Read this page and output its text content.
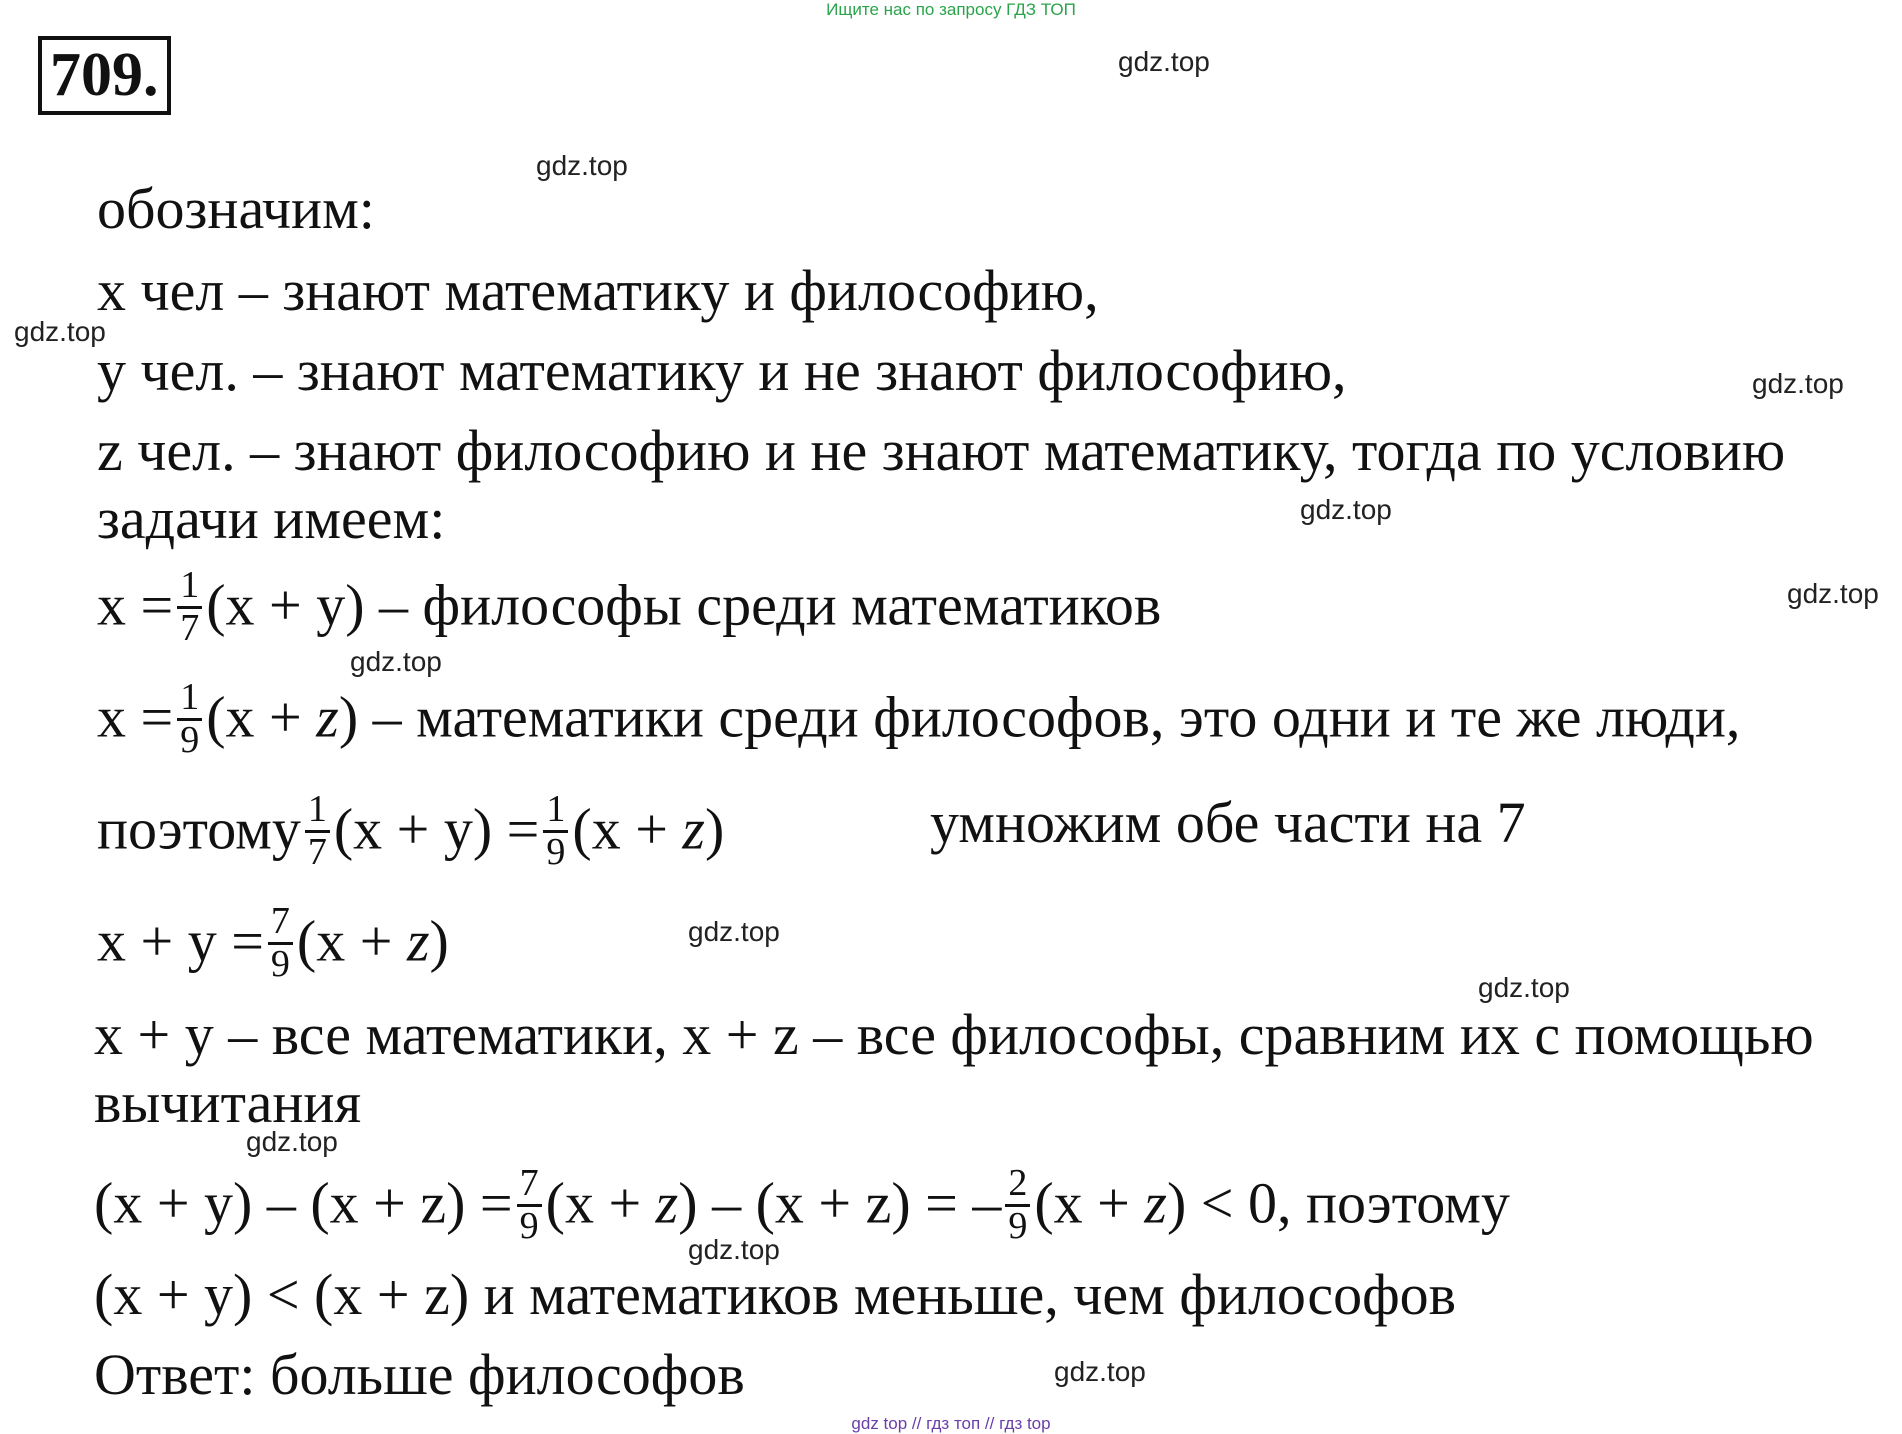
Ищите нас по запросу ГДЗ ТОП
709.	gdz.top
gdz.top
gdz.top
gdz.top
gdz.top
gdz.top
gdz.top
gdz.top
gdz.top
gdz.top
gdz.top
gdz.top
обозначим:
x чел – знают математику и философию,
y чел. – знают математику и не знают философию,
z чел. – знают философию и не знают математику, тогда по условию
задачи имеем:
$x = \frac{1}{7} (x + y)$ – философы среди математиков
$x = \frac{1}{9} (x + z)$ – математики среди философов, это одни и те же люди,
поэтому $\frac{1}{7} (x + y) = \frac{1}{9} (x + z)$	умножим обе части на 7
$x + y = \frac{7}{9} (x + z)$
x + y – все математики, x + z – все философы, сравним их с помощью
вычитания
$(x + y) - (x + z) = \frac{7}{9} (x + z) - (x + z)$ = – $\frac{2}{9} (x + z) < 0$, поэтому
(x + y) < (x + z) и математиков меньше, чем философов
Ответ: больше философов
gdz top // гдз топ // гдз top
